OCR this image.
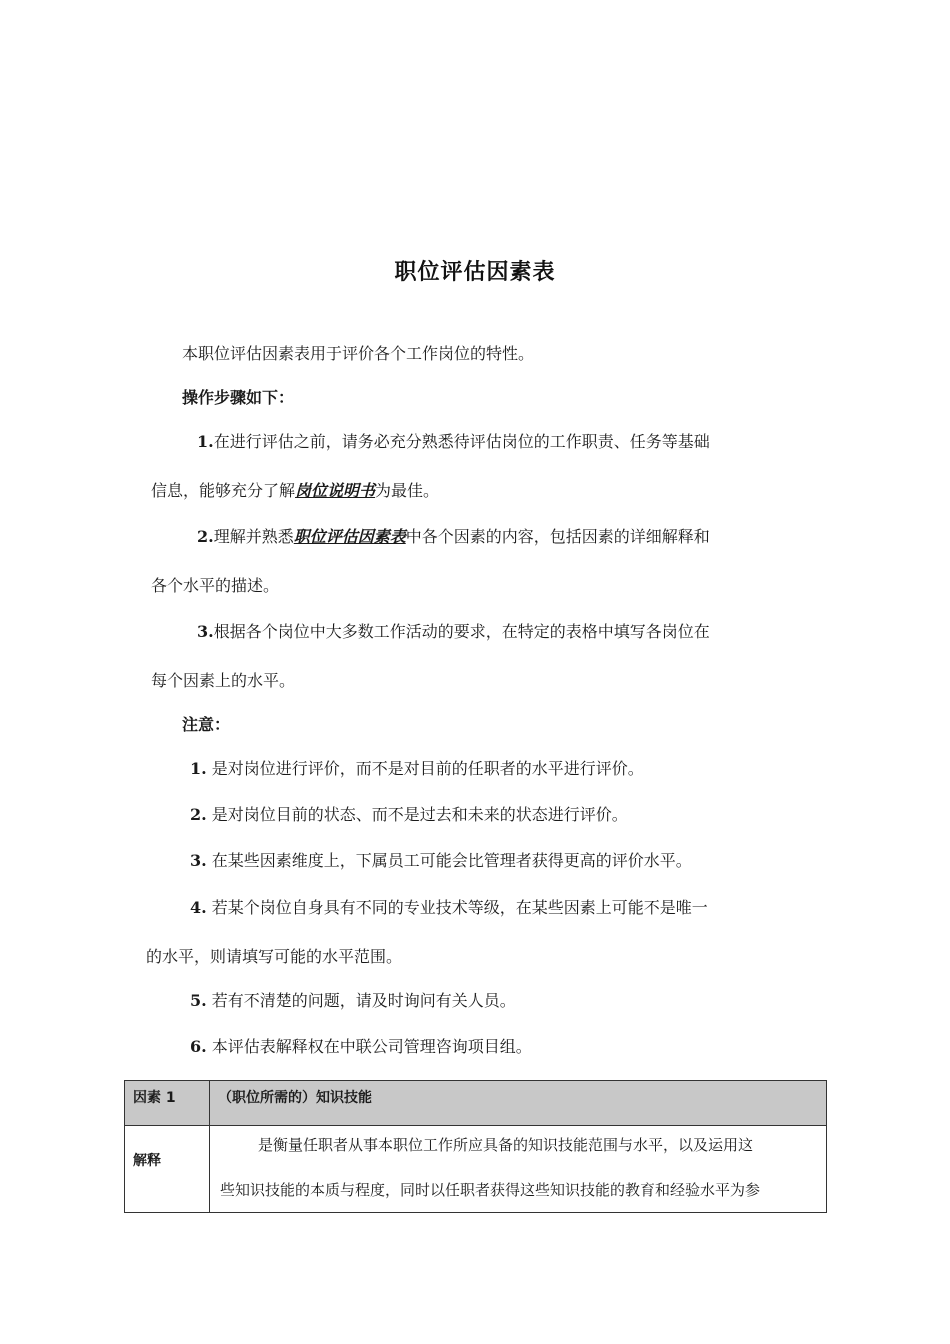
职位评估因素表
本职位评估因素表用于评价各个工作岗位的特性。
操作步骤如下：
1.在进行评估之前，请务必充分熟悉待评估岗位的工作职责、任务等基础
信息，能够充分了解岗位说明书为最佳。
2.理解并熟悉职位评估因素表中各个因素的内容，包括因素的详细解释和
各个水平的描述。
3.根据各个岗位中大多数工作活动的要求，在特定的表格中填写各岗位在
每个因素上的水平。
注意：
1. 是对岗位进行评价，而不是对目前的任职者的水平进行评价。
2. 是对岗位目前的状态、而不是过去和未来的状态进行评价。
3. 在某些因素维度上，下属员工可能会比管理者获得更高的评价水平。
4. 若某个岗位自身具有不同的专业技术等级，在某些因素上可能不是唯一
的水平，则请填写可能的水平范围。
5. 若有不清楚的问题，请及时询问有关人员。
6. 本评估表解释权在中联公司管理咨询项目组。
因素 1	（职位所需的）知识技能

解释	是衡量任职者从事本职位工作所应具备的知识技能范围与水平，以及运用这
些知识技能的本质与程度，同时以任职者获得这些知识技能的教育和经验水平为参
